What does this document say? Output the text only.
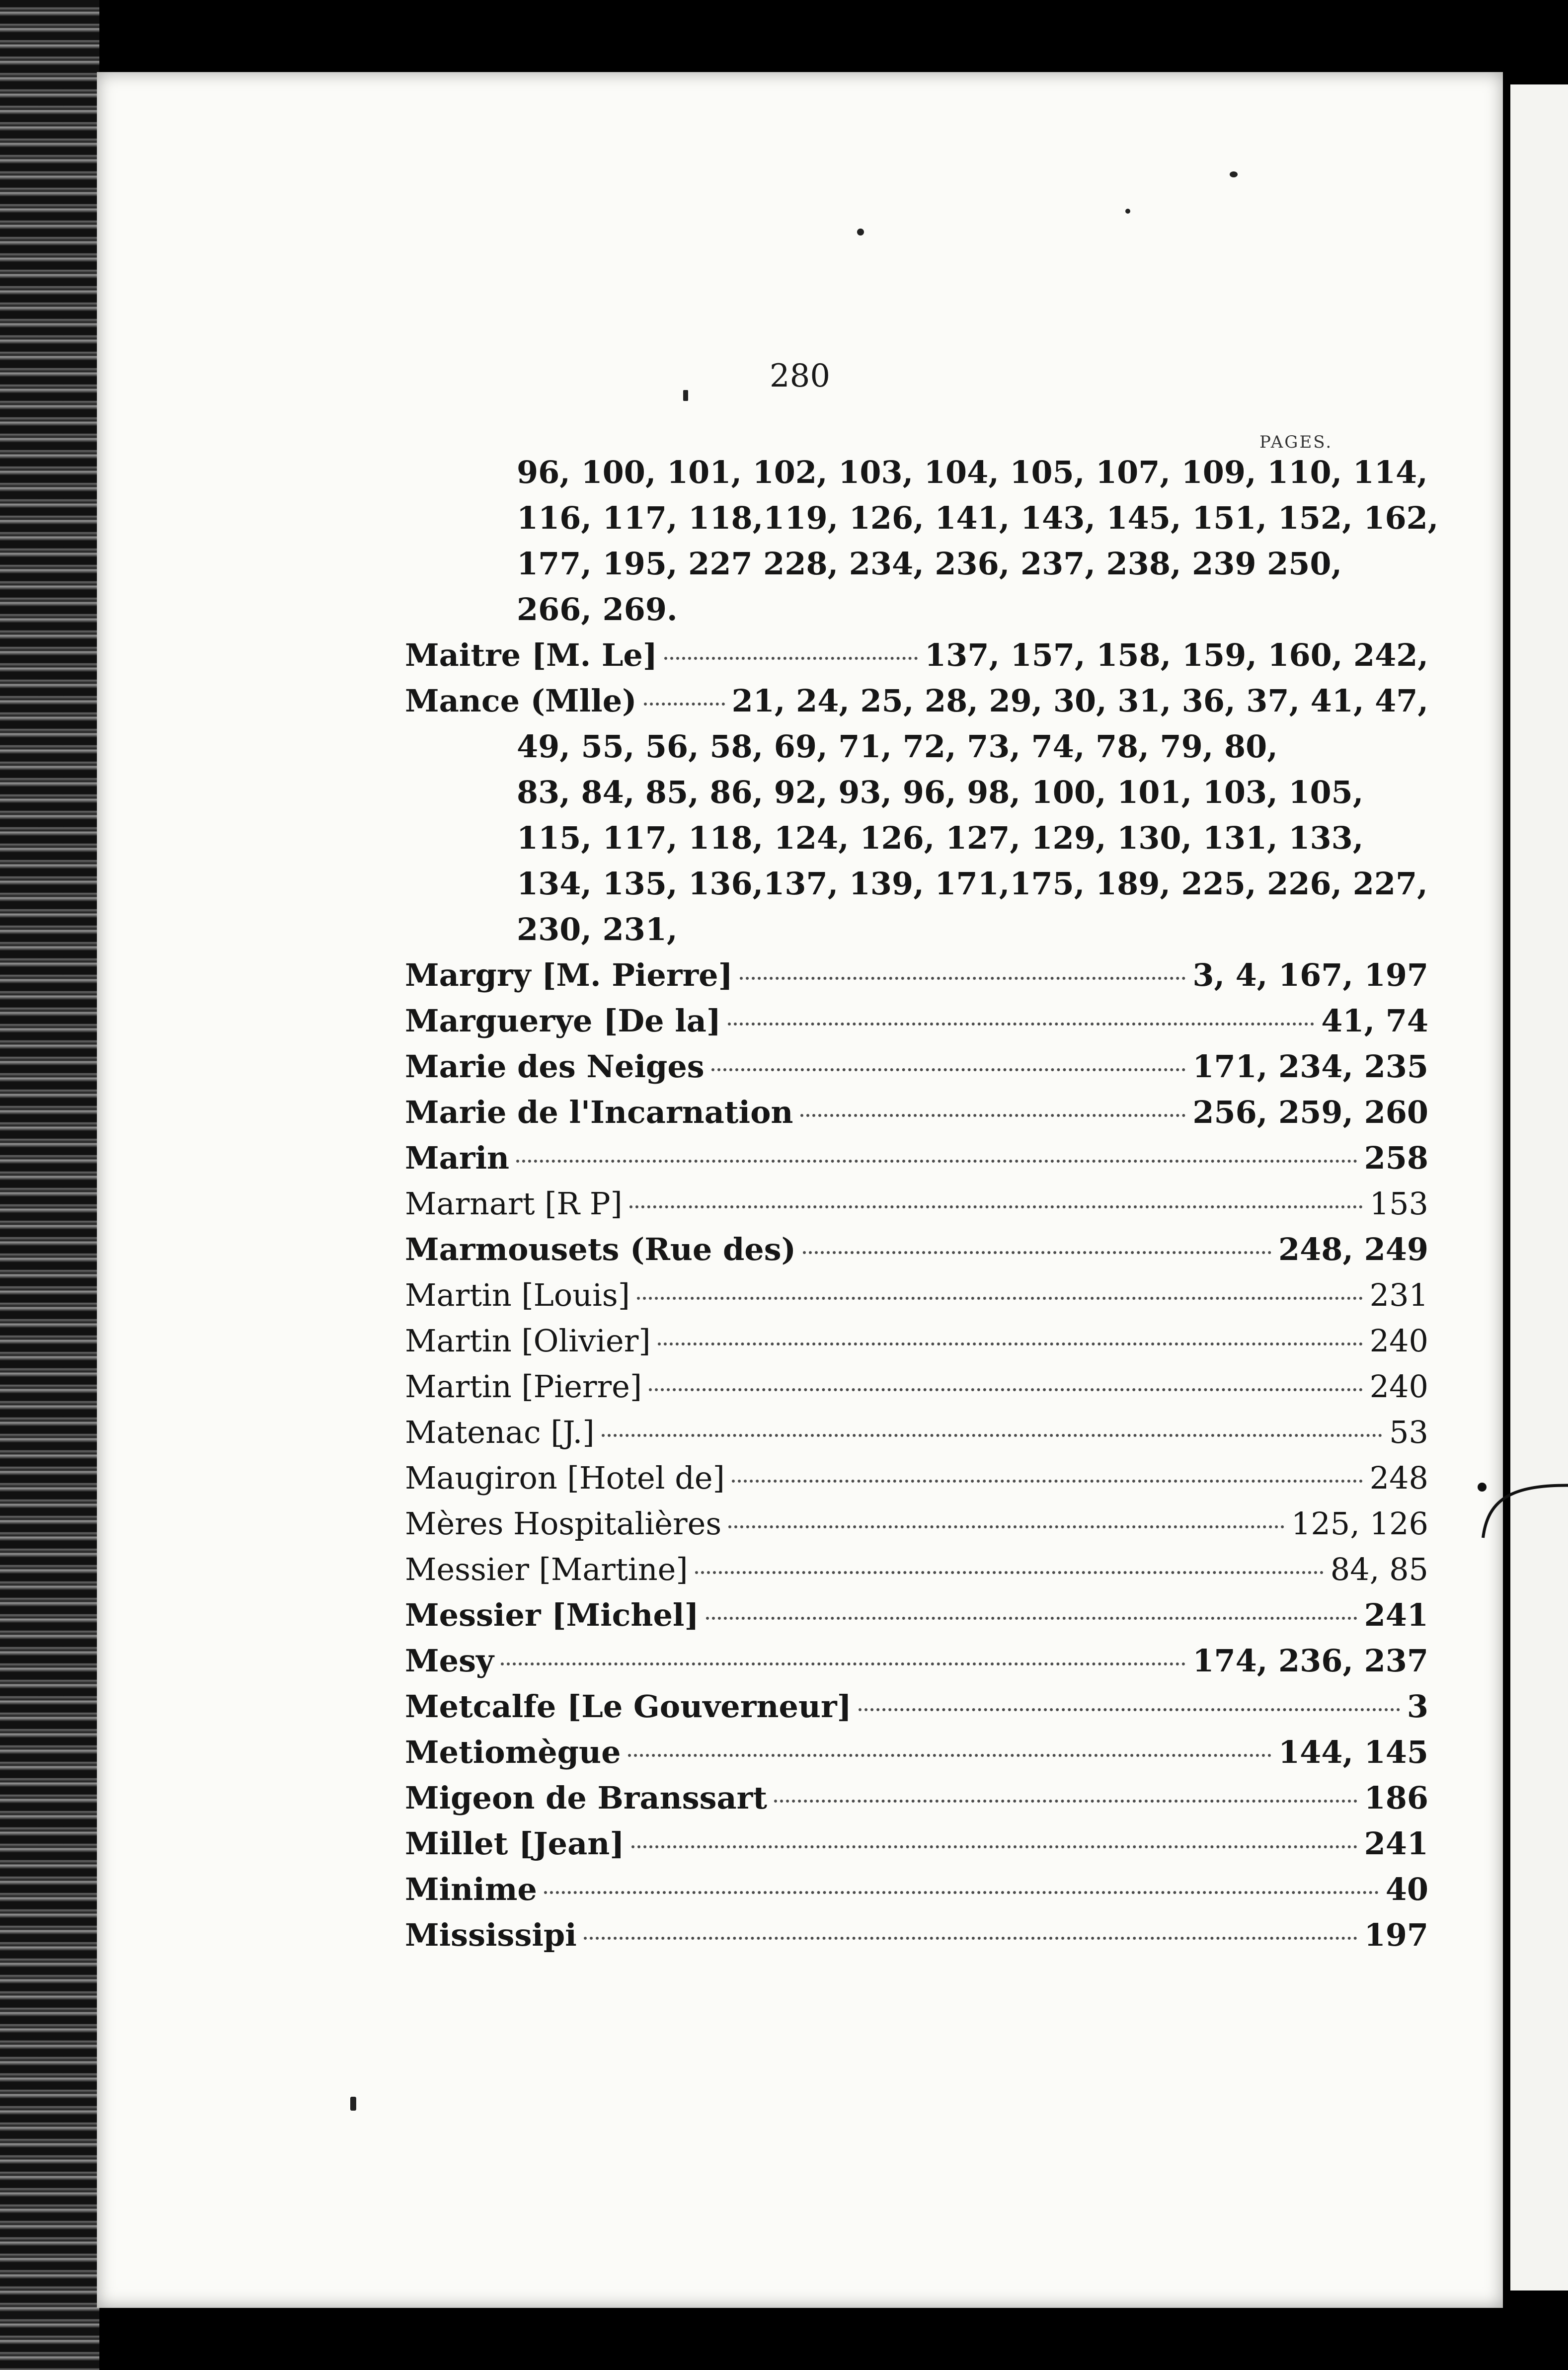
280
PAGES.
96, 100, 101, 102, 103, 104, 105, 107, 109, 110, 114,
116, 117, 118,119, 126, 141, 143, 145, 151, 152, 162,
177, 195, 227 228, 234, 236, 237, 238, 239 250,
266, 269.
Maitre [M. Le]	137, 157, 158, 159, 160, 242,
Mance (Mlle)	21, 24, 25, 28, 29, 30, 31, 36, 37, 41, 47,
49, 55, 56, 58, 69, 71, 72, 73, 74, 78, 79, 80,
83, 84, 85, 86, 92, 93, 96, 98, 100, 101, 103, 105,
115, 117, 118, 124, 126, 127, 129, 130, 131, 133,
134, 135, 136,137, 139, 171,175, 189, 225, 226, 227,
230, 231,
Margry [M. Pierre]	3, 4, 167, 197
Marguerye [De la]	41, 74
Marie des Neiges	171, 234, 235
Marie de l'Incarnation	256, 259, 260
Marin	258
Marnart [R P]	153
Marmousets (Rue des)	248, 249
Martin [Louis]	231
Martin [Olivier]	240
Martin [Pierre]	240
Matenac [J.]	53
Maugiron [Hotel de]	248
Mères Hospitalières	125, 126
Messier [Martine]	84, 85
Messier [Michel]	241
Mesy	174, 236, 237
Metcalfe [Le Gouverneur]	3
Metiomègue	144, 145
Migeon de Branssart	186
Millet [Jean]	241
Minime	40
Mississipi	197
